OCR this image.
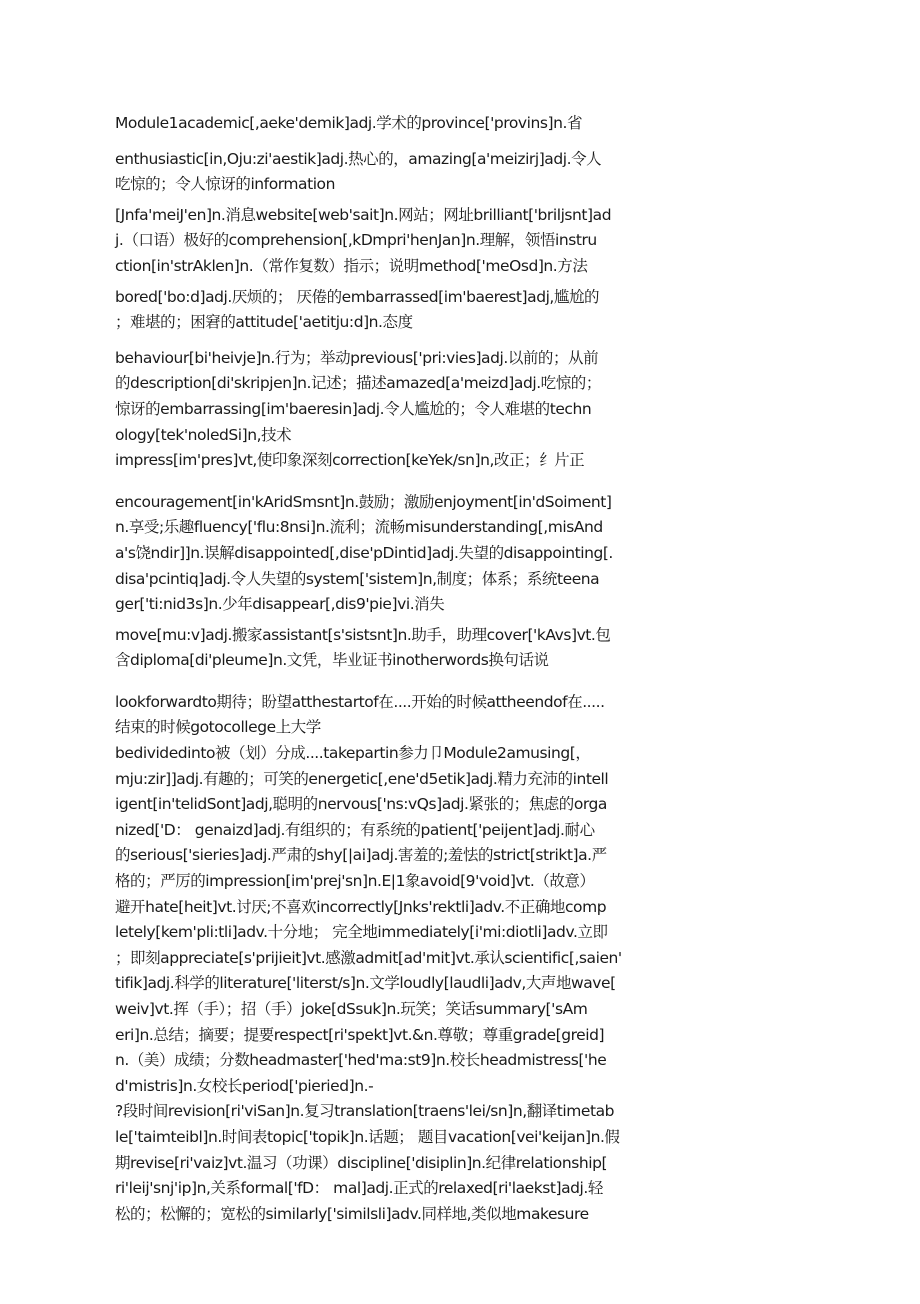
Module1academic[,aeke'demik]adj.学术的province['provins]n.省
enthusiastic[in,Oju:zi'aestik]adj.热心的，amazing[a'meizirj]adj.令人
吃惊的；令人惊讶的information
[Jnfa'meiJ'en]n.消息website[web'sait]n.网站；网址brilliant['briljsnt]ad
j.（口语）极好的comprehension[,kDmpri'henJan]n.理解，领悟instru
ction[in'strAklen]n.（常作复数）指示；说明method['meOsd]n.方法
bored['bo:d]adj.厌烦的； 厌倦的embarrassed[im'baerest]adj,尴尬的
；难堪的；困窘的attitude['aetitju:d]n.态度
behaviour[bi'heivje]n.行为；举动previous['pri:vies]adj.以前的；从前
的description[di'skripjen]n.记述；描述amazed[a'meizd]adj.吃惊的；
惊讶的embarrassing[im'baeresin]adj.令人尴尬的；令人难堪的techn
ology[tek'noledSi]n,技术
impress[im'pres]vt,使印象深刻correction[keYek/sn]n,改正；纟片正
encouragement[in'kAridSmsnt]n.鼓励；激励enjoyment[in'dSoiment]
n.享受;乐趣fluency['flu:8nsi]n.流利；流畅misunderstanding[,misAnd
a's饶ndir]]n.误解disappointed[,dise'pDintid]adj.失望的disappointing[.
disa'pcintiq]adj.令人失望的system['sistem]n,制度；体系；系统teena
ger['ti:nid3s]n.少年disappear[,dis9'pie]vi.消失
move[mu:v]adj.搬家assistant[s'sistsnt]n.助手，助理cover['kAvs]vt.包
含diploma[di'pleume]n.文凭，毕业证书inotherwords换句话说
lookforwardto期待；盼望atthestartof在....开始的时候attheendof在.....
结束的时候gotocollege上大学
bedividedinto被（划）分成....takepartin参力卩Module2amusing[，
mju:zir]]adj.有趣的；可笑的energetic[,ene'd5etik]adj.精力充沛的intell
igent[in'telidSont]adj,聪明的nervous['ns:vQs]adj.紧张的；焦虑的orga
nized['D： genaizd]adj.有组织的；有系统的patient['peijent]adj.耐心
的serious['sieries]adj.严肃的shy[|ai]adj.害羞的;羞怯的strict[strikt]a.严
格的；严厉的impression[im'prej'sn]n.E|1象avoid[9'void]vt.（故意）
避开hate[heit]vt.讨厌;不喜欢incorrectly[Jnks'rektli]adv.不正确地comp
letely[kem'pli:tli]adv.十分地； 完全地immediately[i'mi:diotli]adv.立即
；即刻appreciate[s'prijieit]vt.感激admit[ad'mit]vt.承认scientific[,saien'
tifik]adj.科学的literature['literst/s]n.文学loudly[laudli]adv,大声地wave[
weiv]vt.挥（手）；招（手）joke[dSsuk]n.玩笑；笑话summary['sAm
eri]n.总结；摘要；提要respect[ri'spekt]vt.&n.尊敬；尊重grade[greid]
n.（美）成绩；分数headmaster['hed'ma:st9]n.校长headmistress['he
d'mistris]n.女校长period['pieried]n.-
?段时间revision[ri'viSan]n.复习translation[traens'lei/sn]n,翻译timetab
le['taimteibl]n.时间表topic['topik]n.话题； 题目vacation[vei'keijan]n.假
期revise[ri'vaiz]vt.温习（功课）discipline['disiplin]n.纪律relationship[
ri'leij'snj'ip]n,关系formal['fD： mal]adj.正式的relaxed[ri'laekst]adj.轻
松的；松懈的；宽松的similarly['similsli]adv.同样地,类似地makesure
